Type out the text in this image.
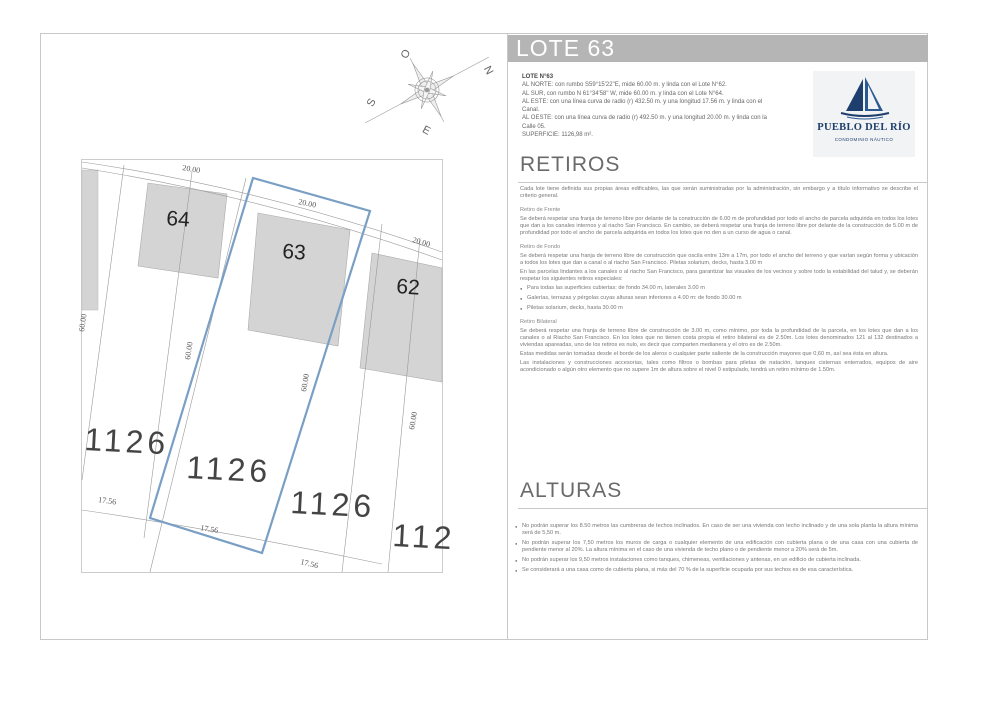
N
S
E
O
20.00
20.00
20.00
60.00
60.00
60.00
60.00
17.56
17.56
17.56
64
63
62
1126
1126
1126
112
LOTE 63
LOTE N°63
AL NORTE: con rumbo S59°15'22"E, mide 60.00 m. y linda con el Lote N°62.
AL SUR, con rumbo N 61°34'58" W, mide 60.00 m. y linda con el Lote N°64.
AL ESTE: con una línea curva de radio (r) 432.50 m. y una longitud 17.56 m. y linda con el Canal.
AL OESTE: con una línea curva de radio (r) 492.50 m. y una longitud 20.00 m. y linda con la Calle 05.
SUPERFICIE: 1126,98 m².
PUEBLO DEL RÍO
CONDOMINIO NÁUTICO
RETIROS

Cada lote tiene definida sus propias áreas edificables, las que serán suministradas por la administración, sin embargo y a título informativo se describe el criterio general.

Retiro de Frente

Se deberá respetar una franja de terreno libre por delante de la construcción de 6.00 m de profundidad por todo el ancho de parcela adquirida en todos los lotes que dan a los canales internos y al riacho San Francisco. En cambio, se deberá respetar una franja de terreno libre por delante de la construcción de 5.00 m de profundidad por todo el ancho de parcela adquirida en todos los lotes que no den a un curso de agua o canal.

Retiro de Fondo

Se deberá respetar una franja de terreno libre de construcción que oscila entre 13m a 17m, por todo el ancho del terreno y que varían según forma y ubicación a todos los lotes que dan a canal o al riacho San Francisco. Piletas solarium, decks, hasta 3.00 m

En las parcelas lindantes a los canales o al riacho San Francisco, para garantizar las visuales de los vecinos y sobre todo la estabilidad del talud y, se deberán respetar los siguientes retiros especiales:

● Para todas las superficies cubiertas: de fondo 34.00 m, laterales 3.00 m
● Galerías, terrazas y pérgolas cuyas alturas sean inferiores a 4.00 m: de fondo 30.00 m
● Piletas solarium, decks, hasta 30.00 m

Retiro Bilateral

Se deberá respetar una franja de terreno libre de construcción de 3.00 m, como mínimo, por toda la profundidad de la parcela, en los lotes que dan a los canales o al Riacho San Francisco. En los lotes que no tienen costa propia el retiro bilateral es de 2.50m. Los lotes denominados 121 al 132 destinados a viviendas apareadas, uno de los retiros es nulo, es decir que comparten medianera y el otro es de 2.50m.

Estas medidas serán tomadas desde el borde de los aleros o cualquier parte saliente de la construcción mayores que 0,60 m, así sea ésta en altura.

Las instalaciones y construcciones accesorias, tales como filtros o bombas para piletas de natación, tanques cisternas enterrados, equipos de aire acondicionado o algún otro elemento que no supere 1m de altura sobre el nivel 0 estipulado, tendrá un retiro mínimo de 1.50m.

ALTURAS
● No podrán superar los 8.50 metros las cumbreras de techos inclinados. En caso de ser una vivienda con techo inclinado y de una sola planta la altura mínima será de 5,50 m.
● No podrán superar los 7,50 metros los muros de carga o cualquier elemento de una edificación con cubierta plana o de una casa con una cubierta de pendiente menor al 20%. La altura mínima en el caso de una vivienda de techo plano o de pendiente menor a 20% será de 5m.
● No podrán superar los 9,50 metros instalaciones como tanques, chimeneas, ventilaciones y antenas, en un edificio de cubierta inclinada.
● Se considerará a una casa como de cubierta plana, si más del 70 % de la superficie ocupada por sus techos es de esa característica.
